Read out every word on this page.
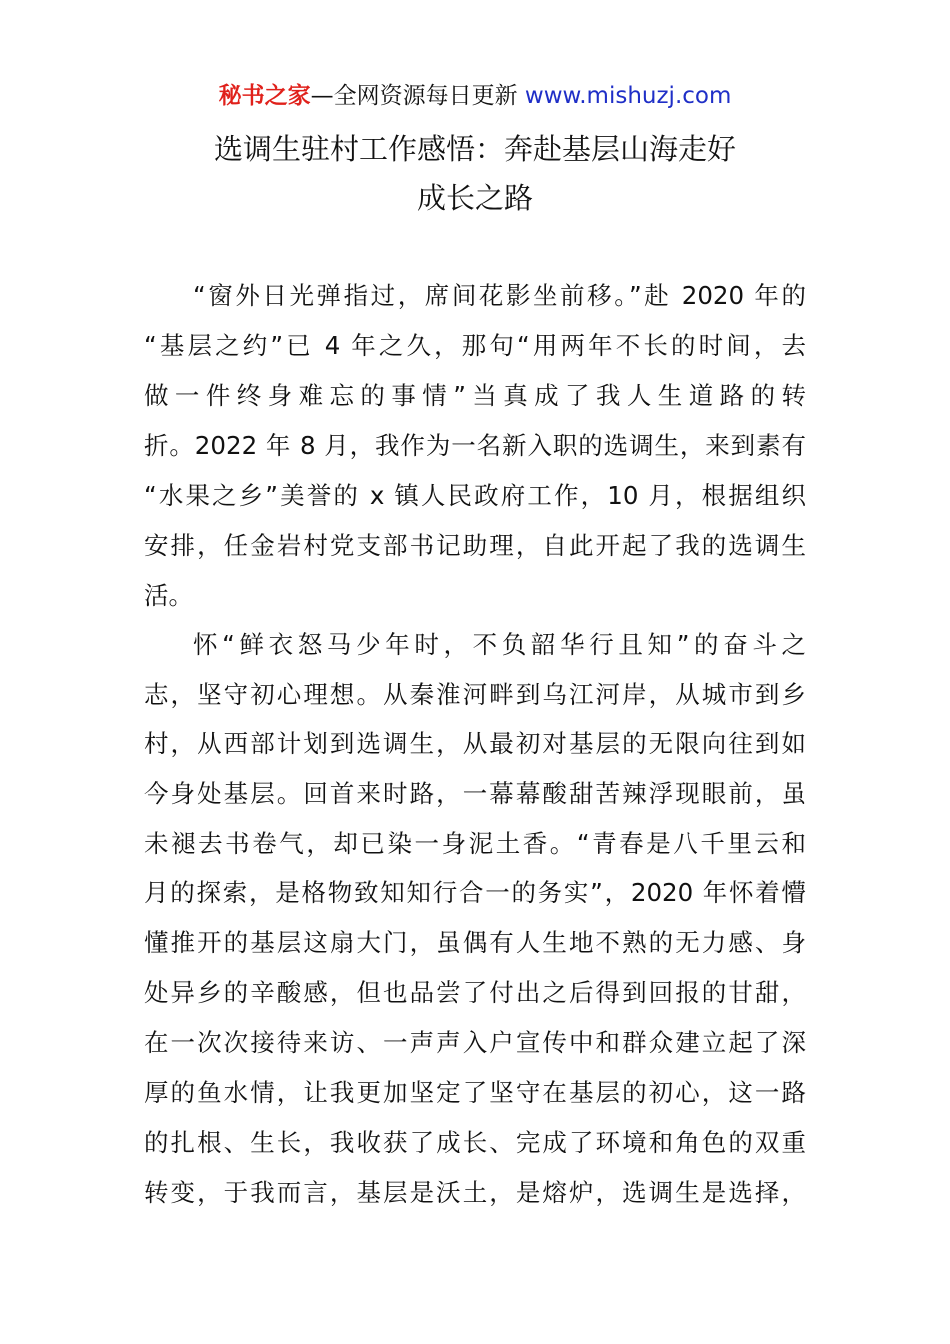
秘书之家—全网资源每日更新 www.mishuzj.com
选调生驻村工作感悟：奔赴基层山海走好
成长之路
“窗外日光弹指过，席间花影坐前移。”赴 2020 年的
“基层之约”已 4 年之久，那句“用两年不长的时间，去
做一件终身难忘的事情”当真成了我人生道路的转
折。2022 年 8 月，我作为一名新入职的选调生，来到素有
“水果之乡”美誉的 x 镇人民政府工作，10 月，根据组织
安排，任金岩村党支部书记助理，自此开起了我的选调生
活。
怀“鲜衣怒马少年时，不负韶华行且知”的奋斗之
志，坚守初心理想。从秦淮河畔到乌江河岸，从城市到乡
村，从西部计划到选调生，从最初对基层的无限向往到如
今身处基层。回首来时路，一幕幕酸甜苦辣浮现眼前，虽
未褪去书卷气，却已染一身泥土香。“青春是八千里云和
月的探索，是格物致知知行合一的务实”，2020 年怀着懵
懂推开的基层这扇大门，虽偶有人生地不熟的无力感、身
处异乡的辛酸感，但也品尝了付出之后得到回报的甘甜，
在一次次接待来访、一声声入户宣传中和群众建立起了深
厚的鱼水情，让我更加坚定了坚守在基层的初心，这一路
的扎根、生长，我收获了成长、完成了环境和角色的双重
转变，于我而言，基层是沃土，是熔炉，选调生是选择，
